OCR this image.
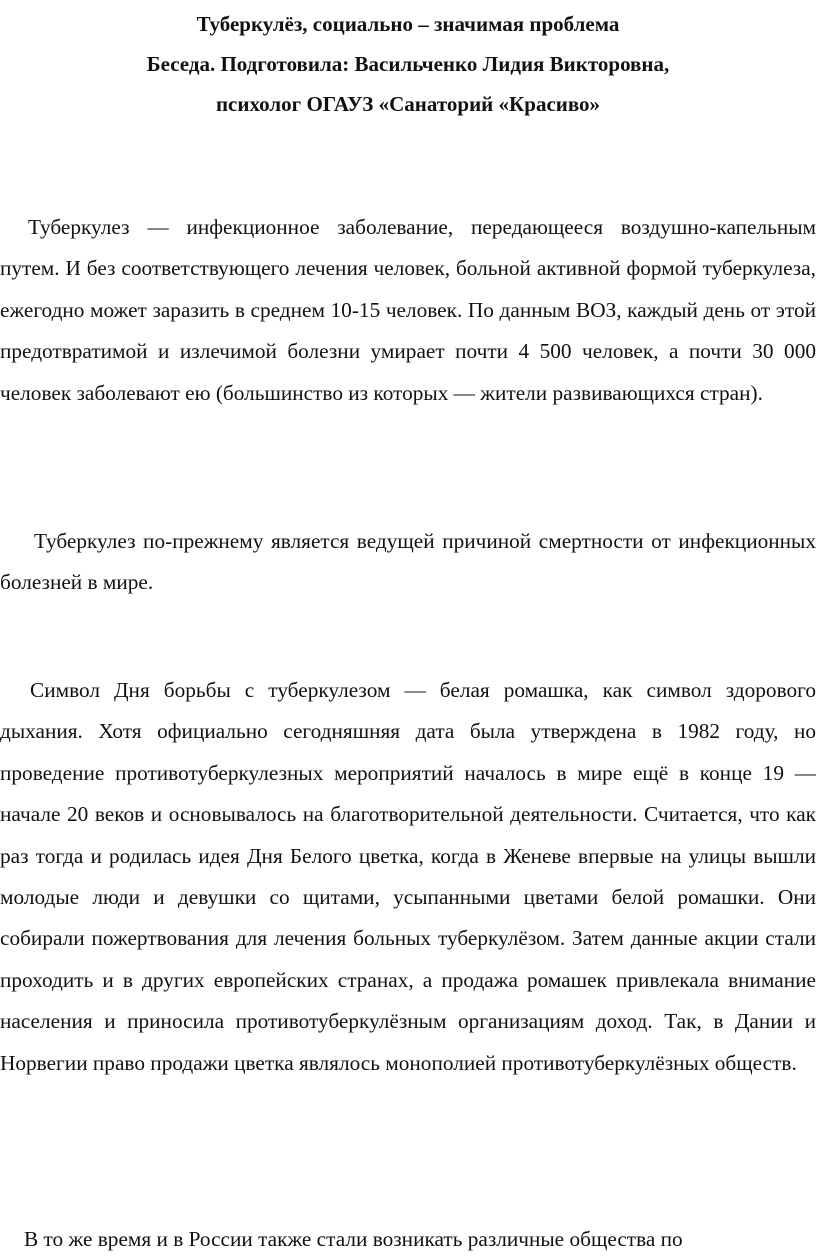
Туберкулёз, социально – значимая проблема
Беседа. Подготовила: Васильченко Лидия Викторовна,
психолог ОГАУЗ «Санаторий «Красиво»

Туберкулез — инфекционное заболевание, передающееся воздушно-капельным путем. И без соответствующего лечения человек, больной активной формой туберкулеза, ежегодно может заразить в среднем 10-15 человек. По данным ВОЗ, каждый день от этой предотвратимой и излечимой болезни умирает почти 4 500 человек, а почти 30 000 человек заболевают ею (большинство из которых — жители развивающихся стран).

Туберкулез по-прежнему является ведущей причиной смертности от инфекционных болезней в мире.

Символ Дня борьбы с туберкулезом — белая ромашка, как символ здорового дыхания. Хотя официально сегодняшняя дата была утверждена в 1982 году, но проведение противотуберкулезных мероприятий началось в мире ещё в конце 19 — начале 20 веков и основывалось на благотворительной деятельности. Считается, что как раз тогда и родилась идея Дня Белого цветка, когда в Женеве впервые на улицы вышли молодые люди и девушки со щитами, усыпанными цветами белой ромашки. Они собирали пожертвования для лечения больных туберкулёзом. Затем данные акции стали проходить и в других европейских странах, а продажа ромашек привлекала внимание населения и приносила противотуберкулёзным организациям доход. Так, в Дании и Норвегии право продажи цветка являлось монополией противотуберкулёзных обществ.

В то же время и в России также стали возникать различные общества по
